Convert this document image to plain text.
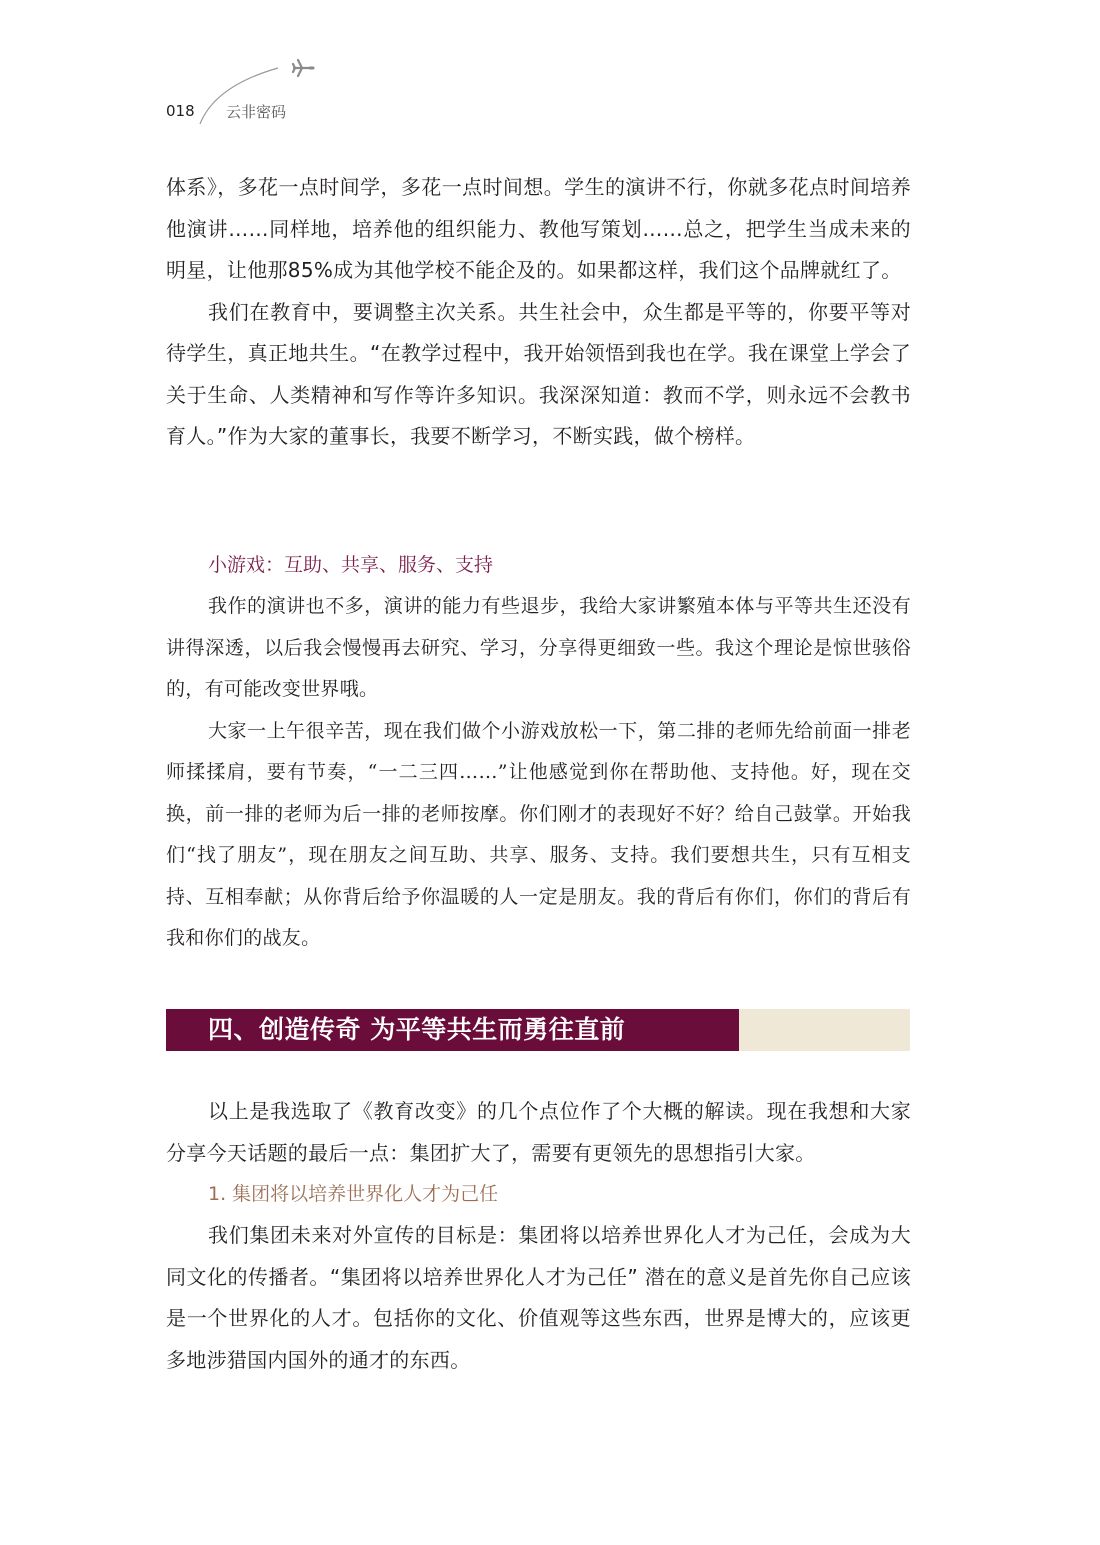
018 云非密码

体系》，多花一点时间学，多花一点时间想。学生的演讲不行，你就多花点时间培养他演讲……同样地，培养他的组织能力、教他写策划……总之，把学生当成未来的明星，让他那85%成为其他学校不能企及的。如果都这样，我们这个品牌就红了。

我们在教育中，要调整主次关系。共生社会中，众生都是平等的，你要平等对待学生，真正地共生。“在教学过程中，我开始领悟到我也在学。我在课堂上学会了关于生命、人类精神和写作等许多知识。我深深知道：教而不学，则永远不会教书育人。”作为大家的董事长，我要不断学习，不断实践，做个榜样。

小游戏：互助、共享、服务、支持

我作的演讲也不多，演讲的能力有些退步，我给大家讲繁殖本体与平等共生还没有讲得深透，以后我会慢慢再去研究、学习，分享得更细致一些。我这个理论是惊世骇俗的，有可能改变世界哦。

大家一上午很辛苦，现在我们做个小游戏放松一下，第二排的老师先给前面一排老师揉揉肩，要有节奏，“一二三四……”让他感觉到你在帮助他、支持他。好，现在交换，前一排的老师为后一排的老师按摩。你们刚才的表现好不好？给自己鼓掌。开始我们“找了朋友”，现在朋友之间互助、共享、服务、支持。我们要想共生，只有互相支持、互相奉献；从你背后给予你温暖的人一定是朋友。我的背后有你们，你们的背后有我和你们的战友。

四、创造传奇 为平等共生而勇往直前

以上是我选取了《教育改变》的几个点位作了个大概的解读。现在我想和大家分享今天话题的最后一点：集团扩大了，需要有更领先的思想指引大家。

1. 集团将以培养世界化人才为己任

我们集团未来对外宣传的目标是：集团将以培养世界化人才为己任，会成为大同文化的传播者。“集团将以培养世界化人才为己任” 潜在的意义是首先你自己应该是一个世界化的人才。包括你的文化、价值观等这些东西，世界是博大的，应该更多地涉猎国内国外的通才的东西。
